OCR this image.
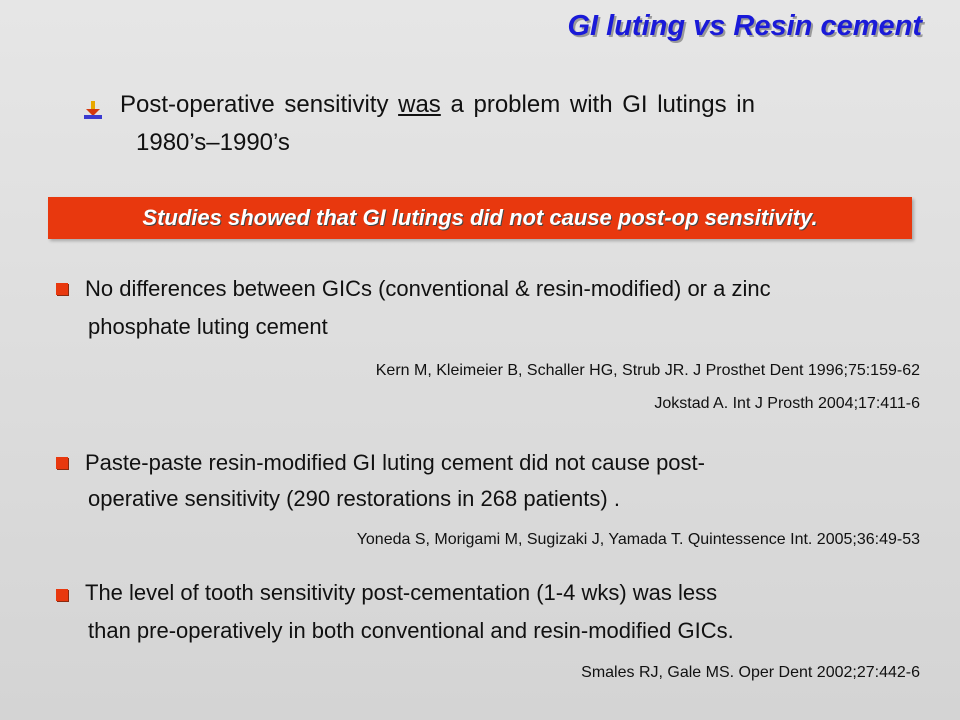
GI luting vs Resin cement
Post-operative sensitivity was a problem with GI lutings in
1980’s–1990’s
Studies showed that GI lutings did not cause post-op sensitivity.
No differences between GICs (conventional & resin-modified) or a zinc
phosphate luting cement
Kern M, Kleimeier B, Schaller HG, Strub JR. J Prosthet Dent 1996;75:159-62
Jokstad A. Int J Prosth 2004;17:411-6
Paste-paste resin-modified GI luting cement did not cause post-
operative sensitivity (290 restorations in 268 patients) .
Yoneda S, Morigami M, Sugizaki J, Yamada T. Quintessence Int. 2005;36:49-53
The level of tooth sensitivity post-cementation (1-4 wks) was less
than pre-operatively in both conventional and resin-modified GICs.
Smales RJ, Gale MS. Oper Dent 2002;27:442-6
